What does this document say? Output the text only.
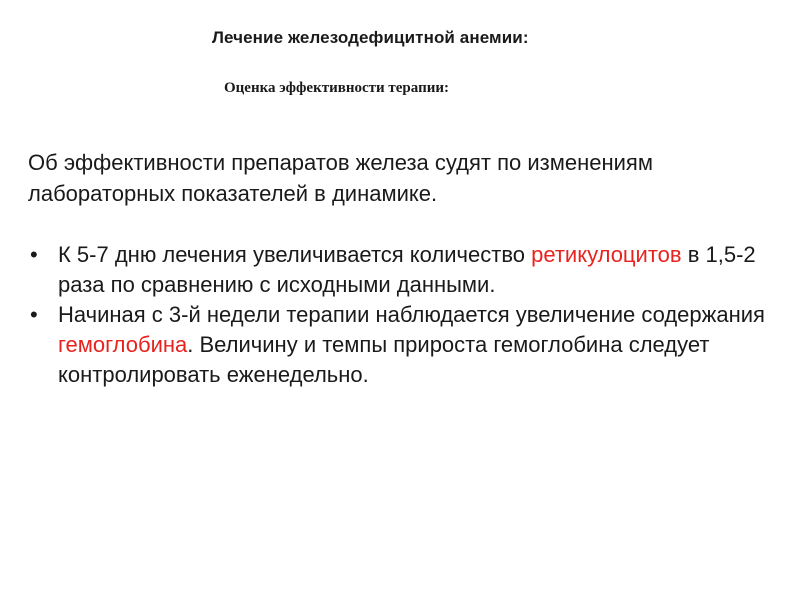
Лечение железодефицитной анемии:
Оценка эффективности терапии:

Об эффективности препаратов железа судят по изменениям лабораторных показателей в динамике.

• К 5-7 дню лечения увеличивается количество ретикулоцитов в 1,5-2 раза по сравнению с исходными данными.
• Начиная с 3-й недели терапии наблюдается увеличение содержания гемоглобина. Величину и темпы прироста гемоглобина следует контролировать еженедельно.
